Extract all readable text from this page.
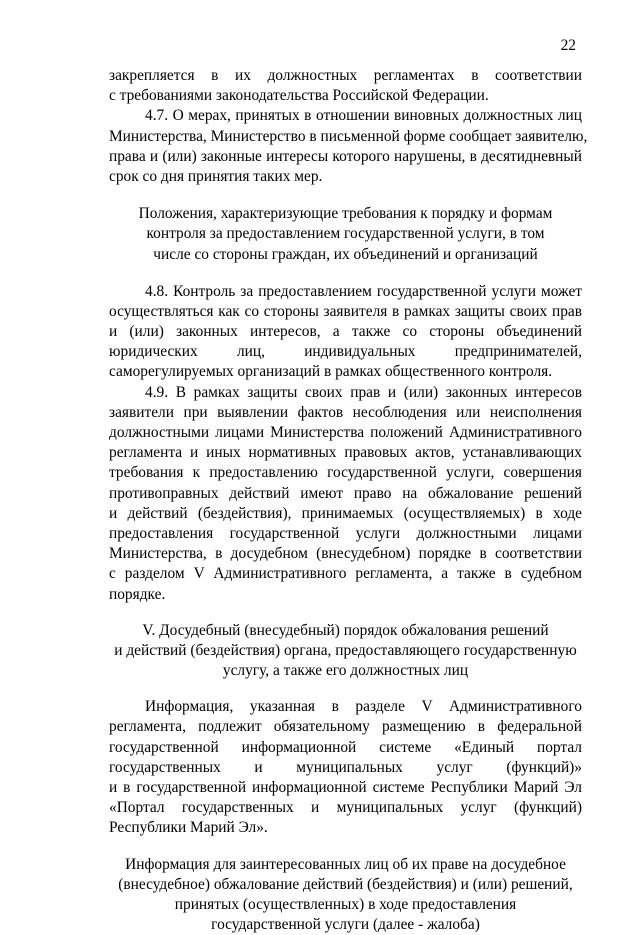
22
закрепляется в их должностных регламентах в соответствии
с требованиями законодательства Российской Федерации.
4.7. О мерах, принятых в отношении виновных должностных лиц
Министерства, Министерство в письменной форме сообщает заявителю,
права и (или) законные интересы которого нарушены, в десятидневный
срок со дня принятия таких мер.
Положения, характеризующие требования к порядку и формам
контроля за предоставлением государственной услуги, в том
числе со стороны граждан, их объединений и организаций
4.8. Контроль за предоставлением государственной услуги может
осуществляться как со стороны заявителя в рамках защиты своих прав
и (или) законных интересов, а также со стороны объединений
юридических лиц, индивидуальных предпринимателей,
саморегулируемых организаций в рамках общественного контроля.
4.9. В рамках защиты своих прав и (или) законных интересов
заявители при выявлении фактов несоблюдения или неисполнения
должностными лицами Министерства положений Административного
регламента и иных нормативных правовых актов, устанавливающих
требования к предоставлению государственной услуги, совершения
противоправных действий имеют право на обжалование решений
и действий (бездействия), принимаемых (осуществляемых) в ходе
предоставления государственной услуги должностными лицами
Министерства, в досудебном (внесудебном) порядке в соответствии
с разделом V Административного регламента, а также в судебном
порядке.
V. Досудебный (внесудебный) порядок обжалования решений
и действий (бездействия) органа, предоставляющего государственную
услугу, а также его должностных лиц
Информация, указанная в разделе V Административного
регламента, подлежит обязательному размещению в федеральной
государственной информационной системе «Единый портал
государственных и муниципальных услуг (функций)»
и в государственной информационной системе Республики Марий Эл
«Портал государственных и муниципальных услуг (функций)
Республики Марий Эл».
Информация для заинтересованных лиц об их праве на досудебное
(внесудебное) обжалование действий (бездействия) и (или) решений,
принятых (осуществленных) в ходе предоставления
государственной услуги (далее - жалоба)
